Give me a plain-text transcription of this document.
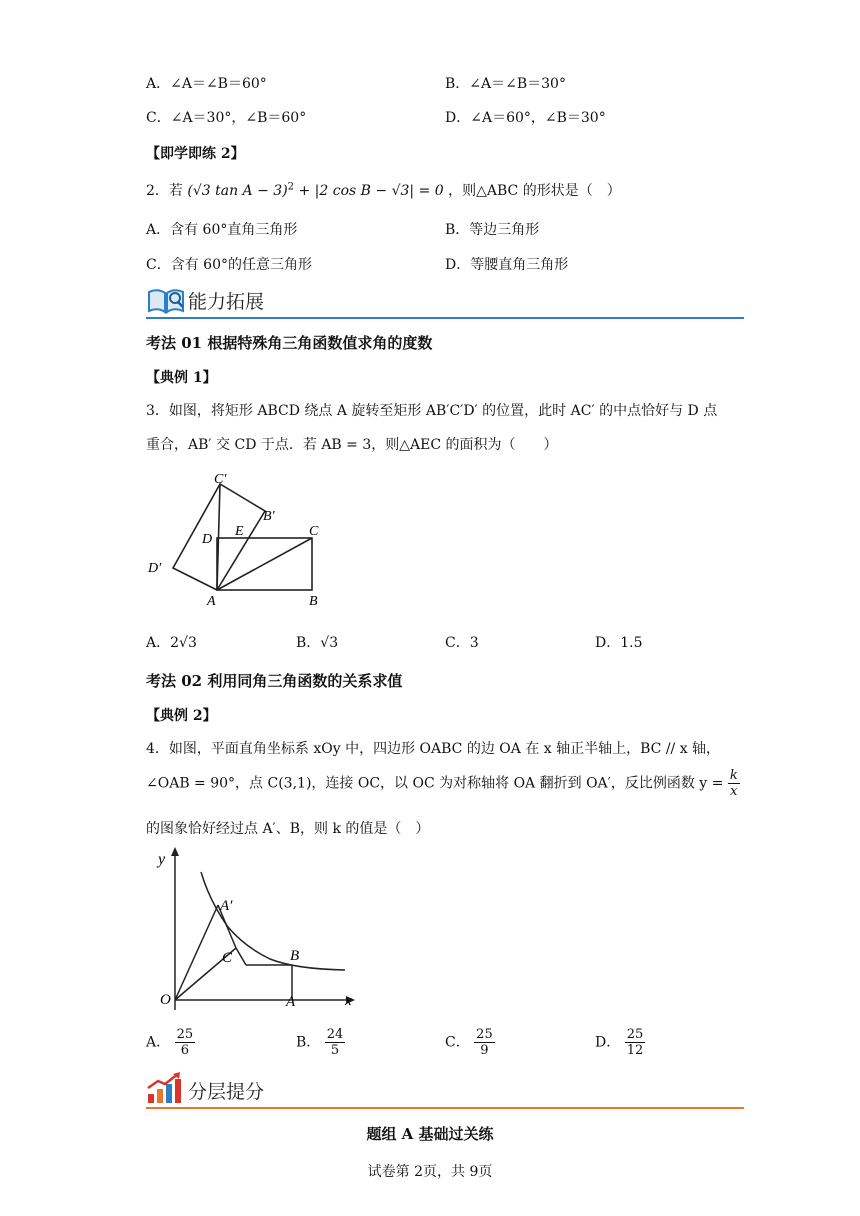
A．∠A＝∠B＝60°	B．∠A＝∠B＝30°
C．∠A＝30°，∠B＝60°	D．∠A＝60°，∠B＝30°
【即学即练 2】
2．若 (√3 tan A − 3)$^2$ + |2 cos B − √3| = 0 ，则△ABC 的形状是（　）
A．含有 60°直角三角形	B．等边三角形
C．含有 60°的任意三角形	D．等腰直角三角形
能力拓展
考法 01 根据特殊角三角函数值求角的度数
【典例 1】
3．如图，将矩形 ABCD 绕点 A 旋转至矩形 AB′C′D′ 的位置，此时 AC′ 的中点恰好与 D 点
重合，AB′ 交 CD 于点．若 AB = 3，则△AEC 的面积为（　　）
C′
B′
E	C
D
D′
A	B
A．2√3	B．√3	C．3	D．1.5
考法 02 利用同角三角函数的关系求值
【典例 2】
4．如图，平面直角坐标系 xOy 中，四边形 OABC 的边 OA 在 x 轴正半轴上，BC // x 轴，
∠OAB = 90°，点 C(3,1)，连接 OC，以 OC 为对称轴将 OA 翻折到 OA′，反比例函数 $y = \frac{k}{x}$
的图象恰好经过点 A′、B，则 k 的值是（　）
y
A′
C	B
O	A	x
A． $\frac{25}{6}$	B． $\frac{24}{5}$	C． $\frac{25}{9}$	D． $\frac{25}{12}$
分层提分
题组 A 基础过关练
试卷第 2页，共 9页
